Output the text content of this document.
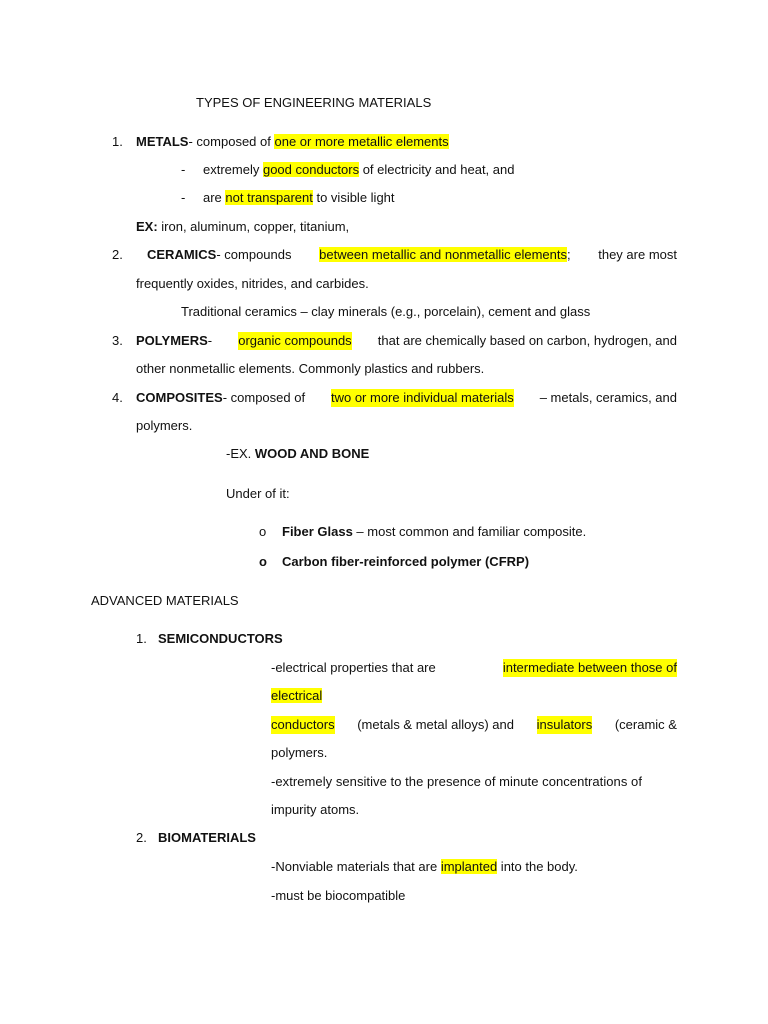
TYPES OF ENGINEERING MATERIALS
1. METALS- composed of one or more metallic elements
- extremely good conductors of electricity and heat, and
- are not transparent to visible light
EX: iron, aluminum, copper, titanium,
2. CERAMICS- compounds between metallic and nonmetallic elements; they are most
frequently oxides, nitrides, and carbides.
Traditional ceramics – clay minerals (e.g., porcelain), cement and glass
3. POLYMERS- organic compounds that are chemically based on carbon, hydrogen, and
other nonmetallic elements. Commonly plastics and rubbers.
4. COMPOSITES- composed of two or more individual materials – metals, ceramics, and
polymers.
-EX. WOOD AND BONE
Under of it:
o Fiber Glass – most common and familiar composite.
o Carbon fiber-reinforced polymer (CFRP)
ADVANCED MATERIALS
1. SEMICONDUCTORS
-electrical properties that are	intermediate between those of
electrical
conductors (metals & metal alloys) and insulators (ceramic &
polymers.
-extremely sensitive to the presence of minute concentrations of
impurity atoms.
2. BIOMATERIALS
-Nonviable materials that are implanted into the body.
-must be biocompatible
